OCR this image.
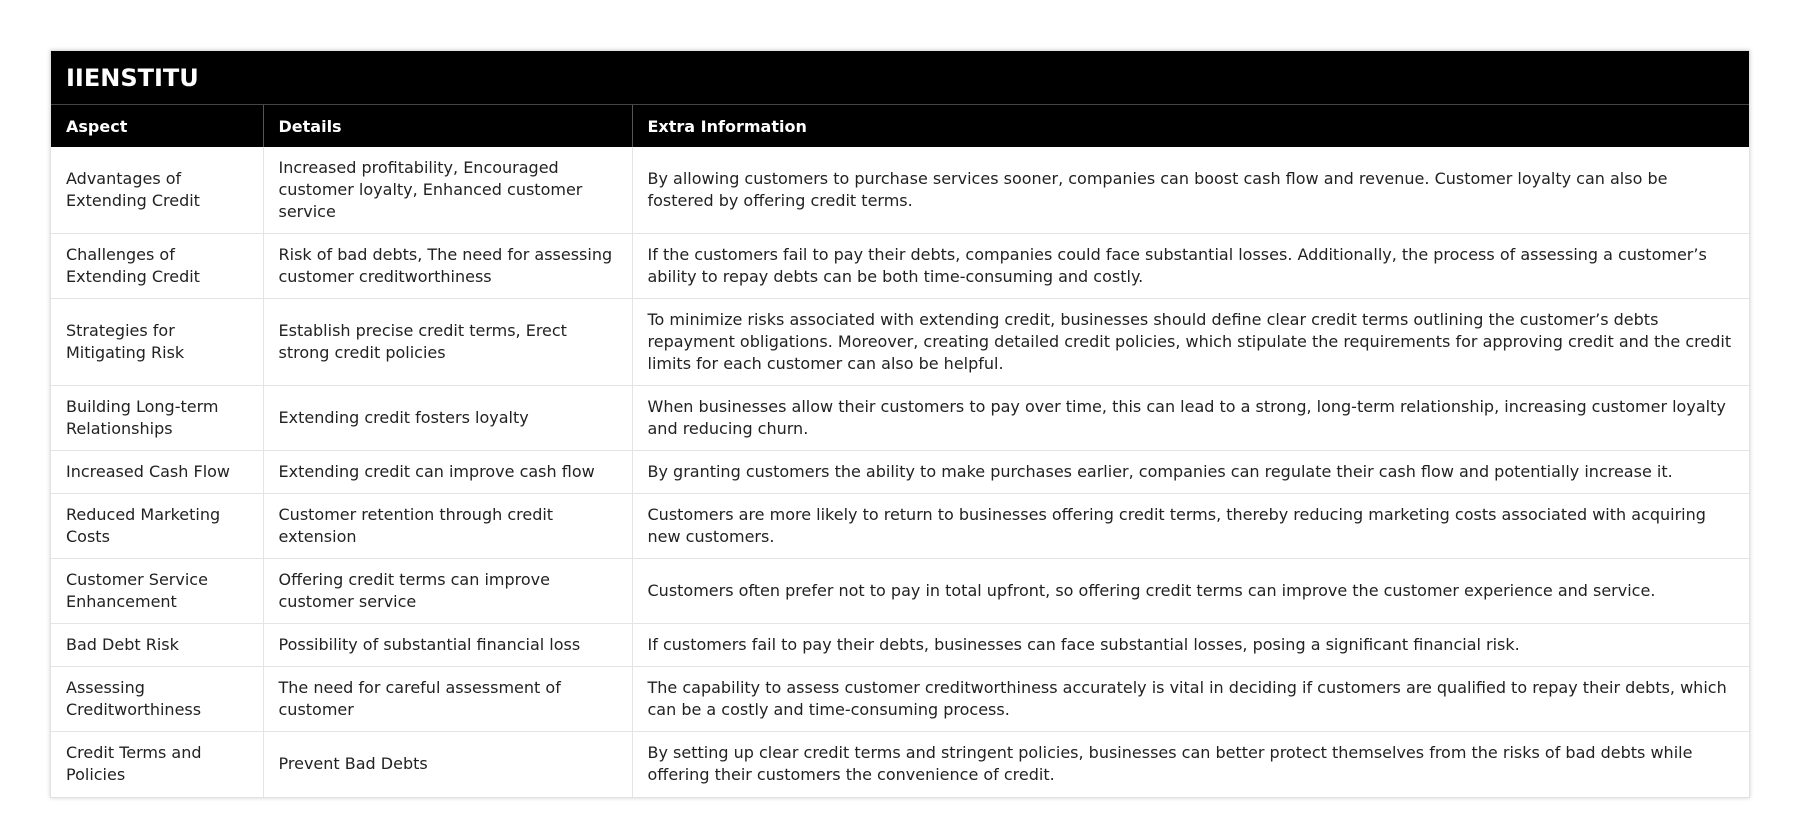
IIENSTITU
Aspect	Details	Extra Information
Advantages of Extending Credit	Increased profitability, Encouraged customer loyalty, Enhanced customer service	By allowing customers to purchase services sooner, companies can boost cash flow and revenue. Customer loyalty can also be fostered by offering credit terms.
Challenges of Extending Credit	Risk of bad debts, The need for assessing customer creditworthiness	If the customers fail to pay their debts, companies could face substantial losses. Additionally, the process of assessing a customer’s ability to repay debts can be both time-consuming and costly.
Strategies for Mitigating Risk	Establish precise credit terms, Erect strong credit policies	To minimize risks associated with extending credit, businesses should define clear credit terms outlining the customer’s debts repayment obligations. Moreover, creating detailed credit policies, which stipulate the requirements for approving credit and the credit limits for each customer can also be helpful.
Building Long-term Relationships	Extending credit fosters loyalty	When businesses allow their customers to pay over time, this can lead to a strong, long-term relationship, increasing customer loyalty and reducing churn.
Increased Cash Flow	Extending credit can improve cash flow	By granting customers the ability to make purchases earlier, companies can regulate their cash flow and potentially increase it.
Reduced Marketing Costs	Customer retention through credit extension	Customers are more likely to return to businesses offering credit terms, thereby reducing marketing costs associated with acquiring new customers.
Customer Service Enhancement	Offering credit terms can improve customer service	Customers often prefer not to pay in total upfront, so offering credit terms can improve the customer experience and service.
Bad Debt Risk	Possibility of substantial financial loss	If customers fail to pay their debts, businesses can face substantial losses, posing a significant financial risk.
Assessing Creditworthiness	The need for careful assessment of customer	The capability to assess customer creditworthiness accurately is vital in deciding if customers are qualified to repay their debts, which can be a costly and time-consuming process.
Credit Terms and Policies	Prevent Bad Debts	By setting up clear credit terms and stringent policies, businesses can better protect themselves from the risks of bad debts while offering their customers the convenience of credit.
